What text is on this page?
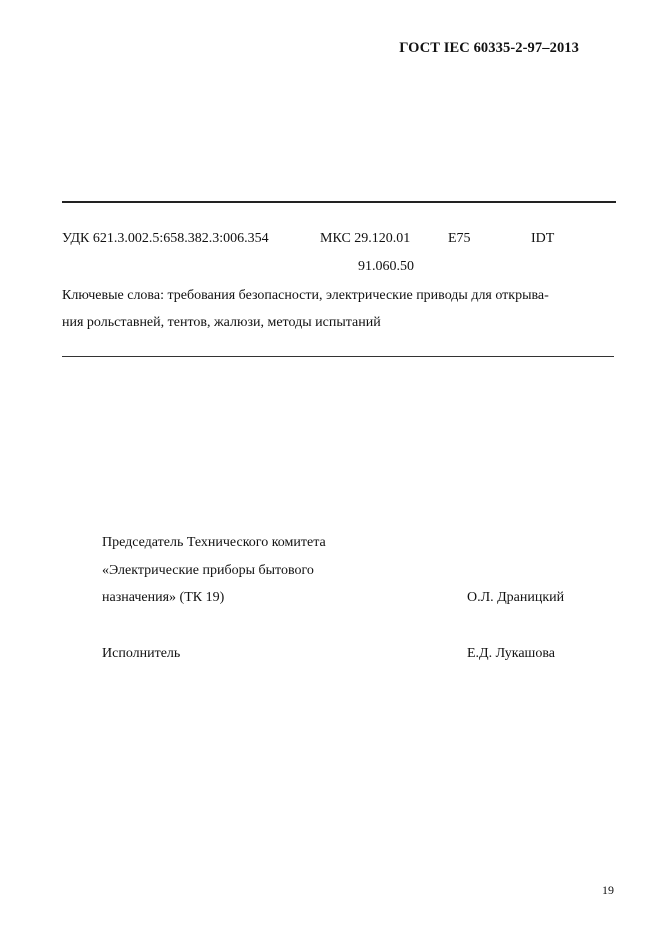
ГОСТ IEC 60335-2-97–2013
УДК 621.3.002.5:658.382.3:006.354	МКС 29.120.01
91.060.50
Е75	IDT
Ключевые слова: требования безопасности, электрические приводы для открыва-
ния рольставней, тентов, жалюзи, методы испытаний
Председатель Технического комитета
«Электрические приборы бытового
назначения» (ТК 19)	О.Л. Драницкий
Исполнитель	Е.Д. Лукашова
19
